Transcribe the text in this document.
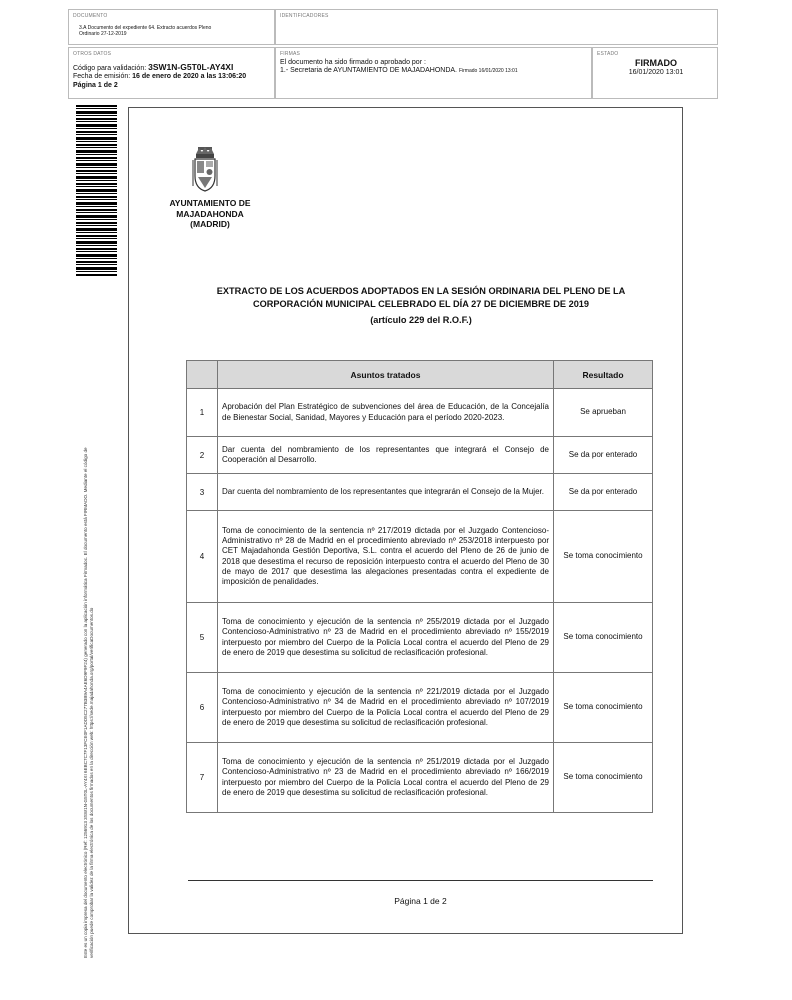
DOCUMENTO
3.A Documento del expediente 64. Extracto acuerdos Pleno
Ordinario 27-12-2019
IDENTIFICADORES
OTROS DATOS
Código para validación: 3SW1N-G5T0L-AY4XI
Fecha de emisión: 16 de enero de 2020 a las 13:06:20
Página 1 de 2
FIRMAS
El documento ha sido firmado o aprobado por :
1.- Secretaria de AYUNTAMIENTO DE MAJADAHONDA. Firmado 16/01/2020 13:01
ESTADO
FIRMADO
16/01/2020 13:01
Este es un copia impresa del documento electrónico (Ref: 1256913 3SW1N-G5T0L-AY4XI 6EBC7C7F13FCE0F1ADD5C277B3B9A4AE6D9F9F24) generado con la aplicación informática Firmadoc. El documento está FIRMADO. Mediante el código de verificación puede comprobar la validez de la firma electrónica de los documentos firmados en la dirección web: https://sede.majadahonda.org/portal/verificaDocumentos.do
AYUNTAMIENTO DE
MAJADAHONDA
(MADRID)
EXTRACTO DE LOS ACUERDOS ADOPTADOS EN LA SESIÓN ORDINARIA DEL PLENO DE LA
CORPORACIÓN MUNICIPAL CELEBRADO EL DÍA 27 DE DICIEMBRE DE 2019
(artículo 229 del R.O.F.)
	Asuntos tratados	Resultado
1	Aprobación del Plan Estratégico de subvenciones del área de Educación, de la Concejalía de Bienestar Social, Sanidad, Mayores y Educación para el período 2020-2023.	Se aprueban
2	Dar cuenta del nombramiento de los representantes que integrará el Consejo de Cooperación al Desarrollo.	Se da por enterado
3	Dar cuenta del nombramiento de los representantes que integrarán el Consejo de la Mujer.	Se da por enterado
4	Toma de conocimiento de la sentencia nº 217/2019 dictada por el Juzgado Contencioso-Administrativo nº 28 de Madrid en el procedimiento abreviado nº 253/2018 interpuesto por CET Majadahonda Gestión Deportiva, S.L. contra el acuerdo del Pleno de 26 de junio de 2018 que desestima el recurso de reposición interpuesto contra el acuerdo del Pleno de 30 de mayo de 2017 que desestima las alegaciones presentadas contra el expediente de imposición de penalidades.	Se toma conocimiento
5	Toma de conocimiento y ejecución de la sentencia nº 255/2019 dictada por el Juzgado Contencioso-Administrativo nº 23 de Madrid en el procedimiento abreviado nº 155/2019 interpuesto por miembro del Cuerpo de la Policía Local contra el acuerdo del Pleno de 29 de enero de 2019 que desestima su solicitud de reclasificación profesional.	Se toma conocimiento
6	Toma de conocimiento y ejecución de la sentencia nº 221/2019 dictada por el Juzgado Contencioso-Administrativo nº 34 de Madrid en el procedimiento abreviado nº 107/2019 interpuesto por miembro del Cuerpo de la Policía Local contra el acuerdo del Pleno de 29 de enero de 2019 que desestima su solicitud de reclasificación profesional.	Se toma conocimiento
7	Toma de conocimiento y ejecución de la sentencia nº 251/2019 dictada por el Juzgado Contencioso-Administrativo nº 23 de Madrid en el procedimiento abreviado nº 166/2019 interpuesto por miembro del Cuerpo de la Policía Local contra el acuerdo del Pleno de 29 de enero de 2019 que desestima su solicitud de reclasificación profesional.	Se toma conocimiento
Página 1 de 2
